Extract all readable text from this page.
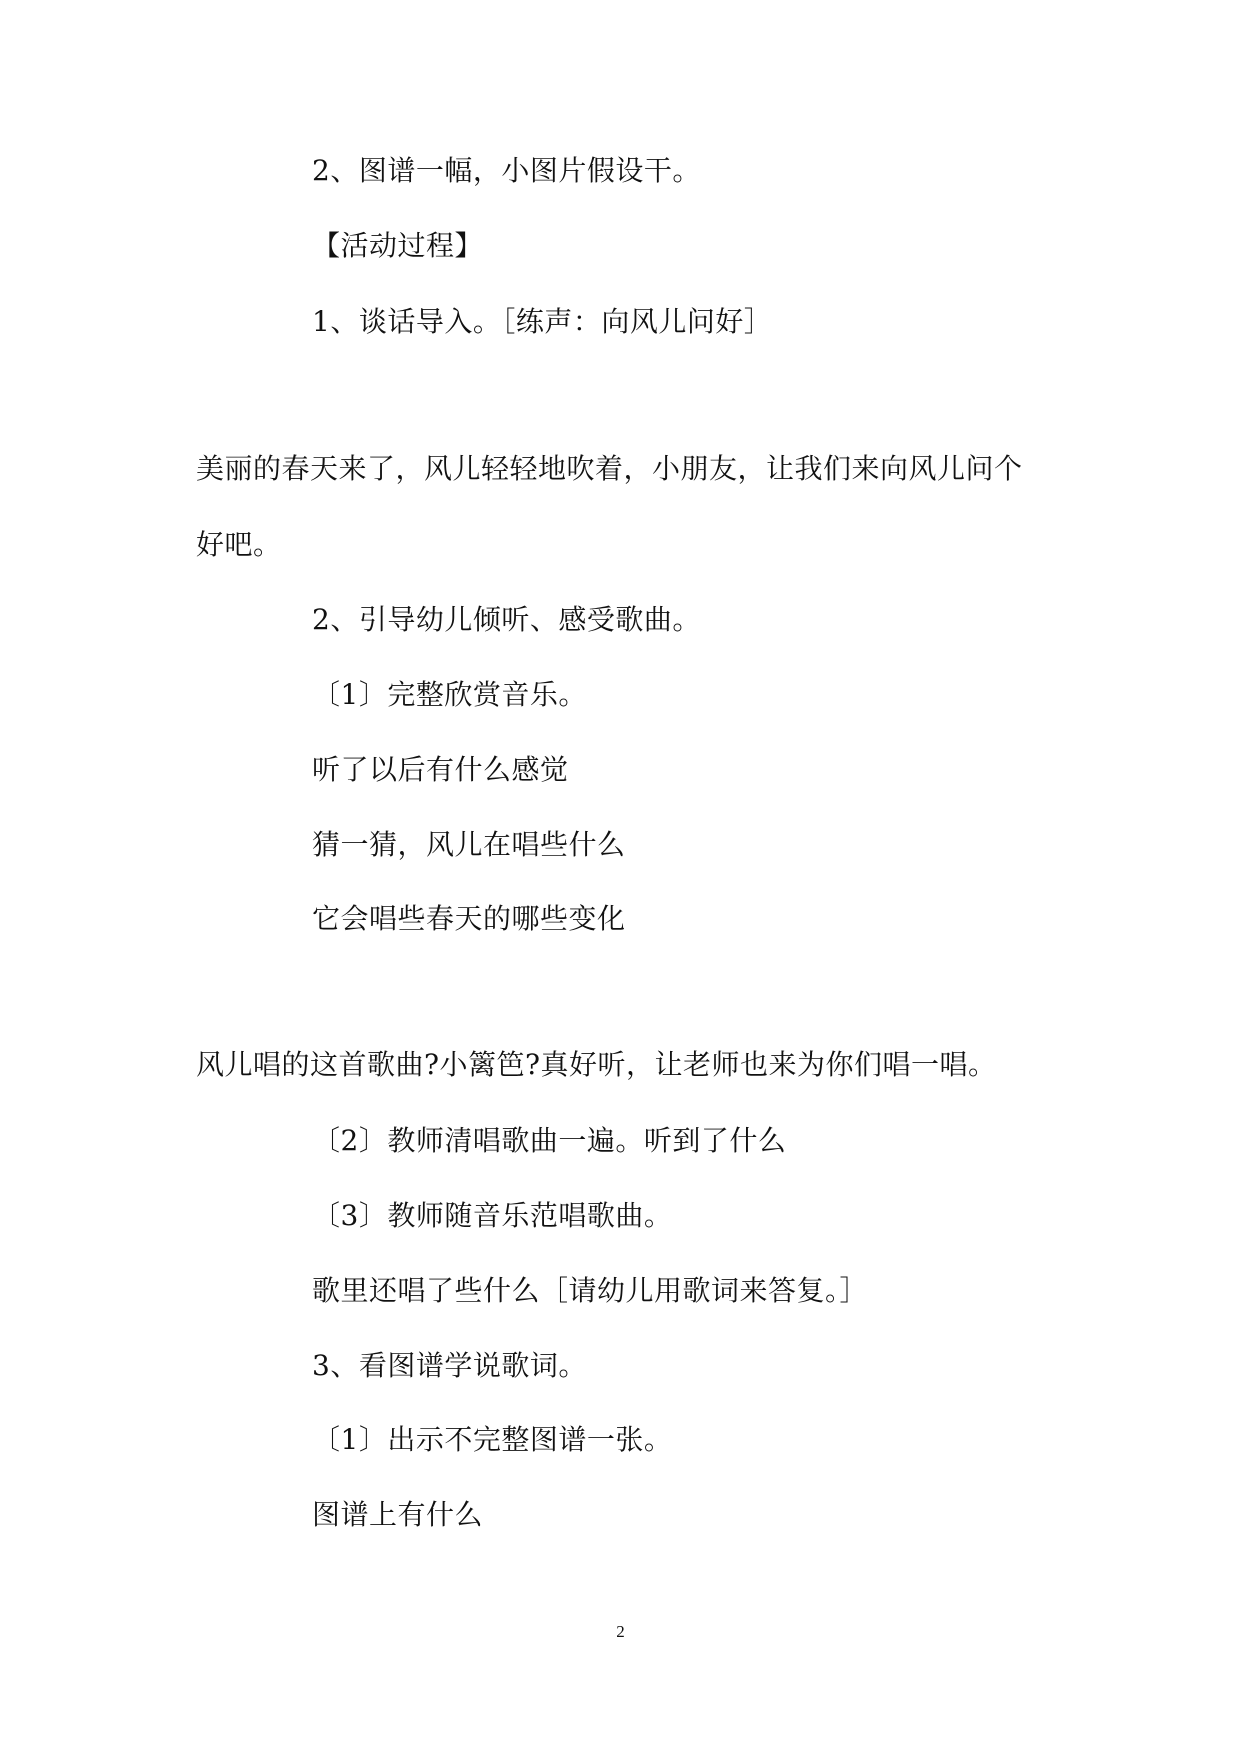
2、图谱一幅，小图片假设干。
【活动过程】
1、谈话导入。［练声：向风儿问好］
美丽的春天来了，风儿轻轻地吹着，小朋友，让我们来向风儿问个
好吧。
2、引导幼儿倾听、感受歌曲。
〔1〕完整欣赏音乐。
听了以后有什么感觉
猜一猜，风儿在唱些什么
它会唱些春天的哪些变化
风儿唱的这首歌曲?小篱笆?真好听，让老师也来为你们唱一唱。
〔2〕教师清唱歌曲一遍。听到了什么
〔3〕教师随音乐范唱歌曲。
歌里还唱了些什么［请幼儿用歌词来答复。］
3、看图谱学说歌词。
〔1〕出示不完整图谱一张。
图谱上有什么
2
